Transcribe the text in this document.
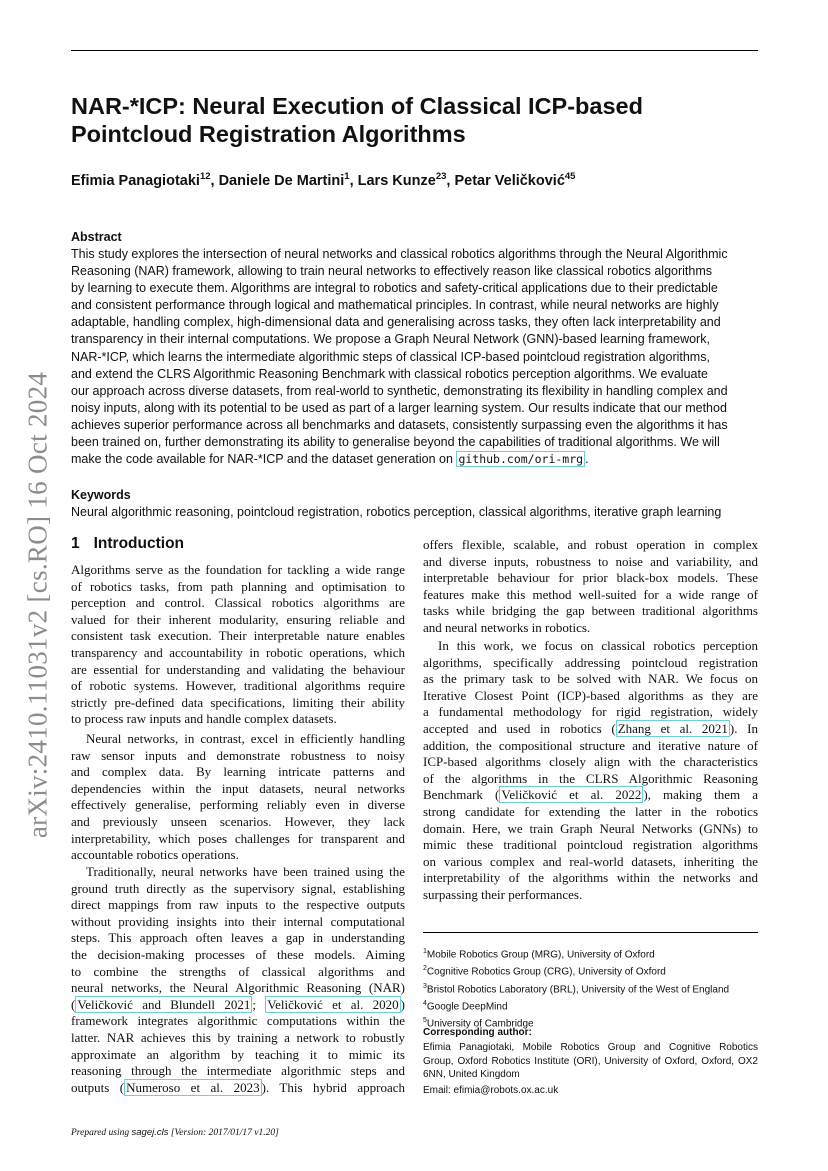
arXiv:2410.11031v2 [cs.RO] 16 Oct 2024
NAR-*ICP: Neural Execution of Classical ICP-based
Pointcloud Registration Algorithms
Efimia Panagiotaki$^{12}$, Daniele De Martini$^1$, Lars Kunze$^{23}$, Petar Veličković$^{45}$
Abstract

This study explores the intersection of neural networks and classical robotics algorithms through the Neural Algorithmic
Reasoning (NAR) framework, allowing to train neural networks to effectively reason like classical robotics algorithms
by learning to execute them. Algorithms are integral to robotics and safety-critical applications due to their predictable
and consistent performance through logical and mathematical principles. In contrast, while neural networks are highly
adaptable, handling complex, high-dimensional data and generalising across tasks, they often lack interpretability and
transparency in their internal computations. We propose a Graph Neural Network (GNN)-based learning framework,
NAR-*ICP, which learns the intermediate algorithmic steps of classical ICP-based pointcloud registration algorithms,
and extend the CLRS Algorithmic Reasoning Benchmark with classical robotics perception algorithms. We evaluate
our approach across diverse datasets, from real-world to synthetic, demonstrating its flexibility in handling complex and
noisy inputs, along with its potential to be used as part of a larger learning system. Our results indicate that our method
achieves superior performance across all benchmarks and datasets, consistently surpassing even the algorithms it has
been trained on, further demonstrating its ability to generalise beyond the capabilities of traditional algorithms. We will
make the code available for NAR-*ICP and the dataset generation on github.com/ori-mrg .

Keywords
Neural algorithmic reasoning, pointcloud registration, robotics perception, classical algorithms, iterative graph learning
1 Introduction

Algorithms serve as the foundation for tackling a wide range
of robotics tasks, from path planning and optimisation to
perception and control. Classical robotics algorithms are
valued for their inherent modularity, ensuring reliable and
consistent task execution. Their interpretable nature enables
transparency and accountability in robotic operations, which
are essential for understanding and validating the behaviour
of robotic systems. However, traditional algorithms require
strictly pre-defined data specifications, limiting their ability
to process raw inputs and handle complex datasets.

Neural networks, in contrast, excel in efficiently handling
raw sensor inputs and demonstrate robustness to noisy
and complex data. By learning intricate patterns and
dependencies within the input datasets, neural networks
effectively generalise, performing reliably even in diverse
and previously unseen scenarios. However, they lack
interpretability, which poses challenges for transparent and
accountable robotics operations.

Traditionally, neural networks have been trained using the
ground truth directly as the supervisory signal, establishing
direct mappings from raw inputs to the respective outputs
without providing insights into their internal computational
steps. This approach often leaves a gap in understanding
the decision-making processes of these models. Aiming
to combine the strengths of classical algorithms and
neural networks, the Neural Algorithmic Reasoning (NAR)
( Veličković and Blundell 2021 ; Veličković et al. 2020 )
framework integrates algorithmic computations within the
latter. NAR achieves this by training a network to robustly
approximate an algorithm by teaching it to mimic its
reasoning through the intermediate algorithmic steps and
outputs ( Numeroso et al. 2023 ). This hybrid approach

offers flexible, scalable, and robust operation in complex
and diverse inputs, robustness to noise and variability, and
interpretable behaviour for prior black-box models. These
features make this method well-suited for a wide range of
tasks while bridging the gap between traditional algorithms
and neural networks in robotics.

In this work, we focus on classical robotics perception
algorithms, specifically addressing pointcloud registration
as the primary task to be solved with NAR. We focus on
Iterative Closest Point (ICP)-based algorithms as they are
a fundamental methodology for rigid registration, widely
accepted and used in robotics ( Zhang et al. 2021 ). In
addition, the compositional structure and iterative nature of
ICP-based algorithms closely align with the characteristics
of the algorithms in the CLRS Algorithmic Reasoning
Benchmark ( Veličković et al. 2022 ), making them a
strong candidate for extending the latter in the robotics
domain. Here, we train Graph Neural Networks (GNNs) to
mimic these traditional pointcloud registration algorithms
on various complex and real-world datasets, inheriting the
interpretability of the algorithms within the networks and
surpassing their performances.

$^1$Mobile Robotics Group (MRG), University of Oxford
$^2$Cognitive Robotics Group (CRG), University of Oxford
$^3$Bristol Robotics Laboratory (BRL), University of the West of England
$^4$Google DeepMind
$^5$University of Cambridge

Corresponding author:

Efimia Panagiotaki, Mobile Robotics Group and Cognitive Robotics
Group, Oxford Robotics Institute (ORI), University of Oxford, Oxford, OX2
6NN, United Kingdom

Email: efimia@robots.ox.ac.uk
Prepared using sagej.cls [Version: 2017/01/17 v1.20]
